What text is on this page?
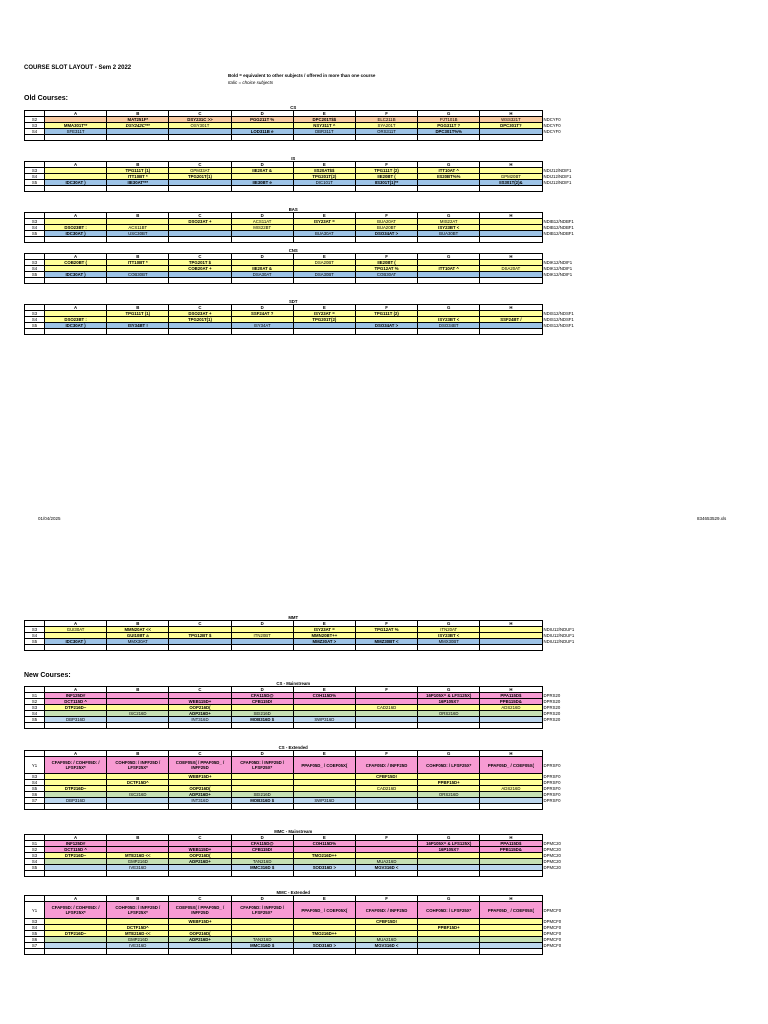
COURSE SLOT LAYOUT - Sem 2 2022
Bold = equivalent to other subjects / offered in more than one course
Italic = choice subjects
Old Courses:
01/04/2025	834653529.xls
New Courses:
	CS								
	A	B	C	D	E	F	G	H	
S2		MAT251F*	DSY231C >>	PGG211T %	DPC201T$$	ELC211B	PJT101B	WSS321T	NDCYF0
S3	MMA301T**	DSY242C***	OSY301T		NSY311T ^	SYA201T	PGG311T ?	DPC301T?	NDCYF0
S4	SFE311T			LOD311B e	DBR311T	ORS311T	DPC301T%%		NDCYF0

	IS								
	A	B	C	D	E	F	G	H	
S3		TPG111T (1)	GPM33AT	IIE20AT &	IIS20AT$$	TPG111T (2)	ITT10AT ^		NDIJ12/NDIF1
S4		ITT10BT *	TPG201T(1)		TPG201T(2)	IIE20BT (	IIS20BT%%	GPM20BT	NDIJ12/NDIF1
S5	IDC30AT )	IIE30AT***		IIE30BT e	DIC101T	IIS301T(1)**		IIS301T(2)&	NDIJ12/NDIF1

	BAS								
	A	B	C	D	E	F	G	H	
S3			DSO23AT +	ACS11AT	ISY23AT =	BUA20AT	MIS22AT		NDIB12/NDBF1
S4	DSO23BT :	ACS11BT		MIS22BT		BUA20BT	ISY23BT <		NDIB12/NDBF1
S5	IDC30AT )	USC30BT			BUA30AT	DSO34AT >	BUA30BT		NDIB12/NDBF1

	CNS								
	A	B	C	D	E	F	G	H	
S3	COB20BT (	ITT10BT *	TPG201T $		DSA20BT	IIE20BT (			NDIK12/NDIF1
S4			COB20AT +	IIE20AT &		TPG12AT %	ITT10AT ^	DSA20AT	NDIK12/NDIF1
S5	IDC30AT )	COB30BT		DSA30AT	DSA30BT	COB30AT			NDIK12/NDIF1

	SDT								
	A	B	C	D	E	F	G	H	
S3		TPG111T (1)	DSO23AT +	SSF24AT ?	ISY23AT =	TPG111T (2)			NDIS12/NDSF1
S4	DSO23BT :		TPG201T(1)		TPG201T(2)		ISY23BT <	SSF24BT /	NDIS12/NDSF1
S5	IDC30AT )	ISY34BT !		ISY34AT		DSO34AT >	DSO34BT		NDIS12/NDSF1

	MMT								
	A	B	C	D	E	F	G	H	
S3	GUI30AT	MMN20AT <<			ISY23AT =	TPG12AT %	ITN20AT		NDIU12/NDUF1
S4		GUI10BT a	TPG12BT $	ITN20BT	MMN20BT++		ISY23BT <		NDIU12/NDUF1
S5	IDC30AT )	MMX30AT			MMZ30AT >	MMZ30BT <	MMX30BT		NDIU12/NDUF1

	CS - Mainstream								
	A	B	C	D	E	F	G	H	
S1	INF125D#			CFA115D@	COH115D%		16P105X^ & LFS125X)	PPA115D$	DPRS20
S2	DCT115D ^		WEB115D+	CFB115D!			16P105X?	PPB115D&	DPRS20
S3	DTP216D~		OOP216D(			CAD216D		ADS216D	DPRS20
S4		ISC216D	ADP216D+	SEI216D			ORS216D		DPRS20
S5	DBP316D		INT316D	MOB316D $	SWP316D				DPRS20

	CS - Extended								
	A	B	C	D	E	F	G	H	
Y1	CFAF05D: / COHF05D: / LFSF25X*	COHF05D: / INFF25D / LFSF25X*	COEF05X( / PPAF05D_ / INFF25D	CFAF05D: / INFF25D / LFSF25X*	PPAF05D_ / COEF05X(	CFAF05D: / INFF25D	COHF05D: / LFSF25X*	PPAF05D_ / COEF05X(	DPRSF0
S3			WEBF15D+			CFBF15D!			DPRSF0
S4		DCTF15D^					PPBF15D+		DPRSF0
S5	DTP216D~		OOP216D(			CAD216D		ADS216D	DPRSF0
S6		ISC216D	ADP216D+	SEI216D			ORS216D		DPRSF0
S7	DBP316D		INT316D	MOB316D $	SWP316D				DPRSF0

	MMC - Mainstream								
	A	B	C	D	E	F	G	H	
S1	INF125D#			CFA115D@	COH115D%		16P105X^ & LFS125X)	PPA115D$	DPMC20
S2	DCT115D ^		WEB115D+	CFB115D!			16P105X?	PPB115D&	DPMC20
S3	DTP216D~	MTE216D <<	OOP216D(		TMO216D++				DPMC20
S4		GMP216D	ADP216D+	TAN216D		MUA216D			DPMC20
S5		IVE316D		MMC316D $	SOD316D >	MGV316D <			DPMC20

	MMC - Extended								
	A	B	C	D	E	F	G	H	
Y1	CFAF05D: / COHF05D: / LFSF25X*	COHF05D: / INFF25D / LFSF25X*	COEF05X( / PPAF05D_ / INFF25D	CFAF05D: / INFF25D / LFSF25X*	PPAF05D_ / COEF05X(	CFAF05D: / INFF25D	COHF05D: / LFSF25X*	PPAF05D_ / COEF05X(	DPMCF0
S3			WEBF15D+			CFBF15D!			DPMCF0
S4		DCTF15D^					PPBF15D+		DPMCF0
S5	DTP216D~	MTE216D <<	OOP216D(		TMO216D++				DPMCF0
S6		GMP216D	ADP216D+	TAN216D		MUA216D			DPMCF0
S7		IVE316D		MMC316D $	SOD316D >	MGV316D <			DPMCF0
